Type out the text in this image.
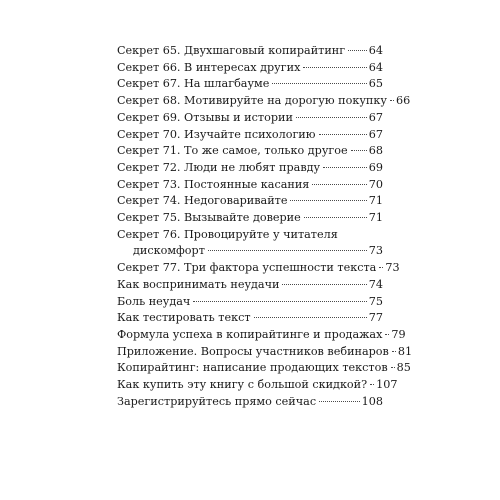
Секрет 65. Двухшаговый копирайтинг 64
Секрет 66. В интересах других	64
Секрет 67. На шлагбауме	65
Секрет 68. Мотивируйте на дорогую покупку 66
Секрет 69. Отзывы и истории	67
Секрет 70. Изучайте психологию	67
Секрет 71. То же самое, только другое 68
Секрет 72. Люди не любят правду	69
Секрет 73. Постоянные касания	70
Секрет 74. Недоговаривайте	71
Секрет 75. Вызывайте доверие	71
Секрет 76. Провоцируйте у читателя
дискомфорт	73
Секрет 77. Три фактора успешности текста 73
Как воспринимать неудачи	74
Боль неудач	75
Как тестировать текст	77
Формула успеха в копирайтинге и продажах 79
Приложение. Вопросы участников вебинаров 81
Копирайтинг: написание продающих текстов 85
Как купить эту книгу с большой скидкой? 107
Зарегистрируйтесь прямо сейчас	108
